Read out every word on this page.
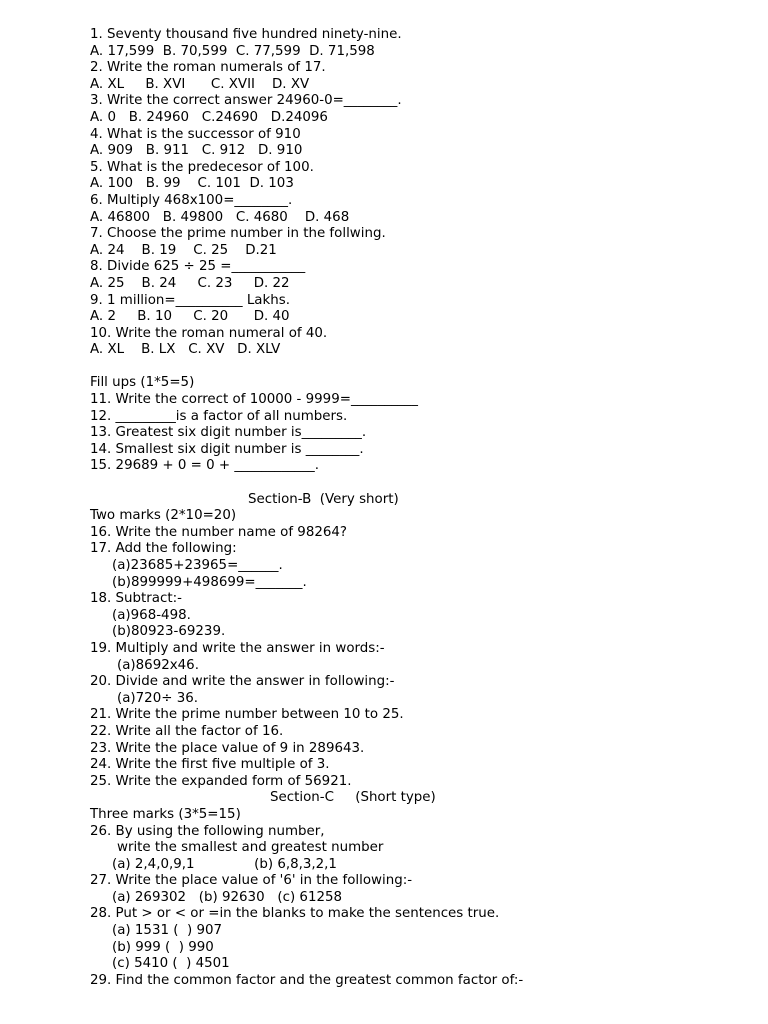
1. Seventy thousand five hundred ninety-nine.
A. 17,599  B. 70,599  C. 77,599  D. 71,598
2. Write the roman numerals of 17.
A. XL     B. XVI      C. XVII    D. XV
3. Write the correct answer 24960-0=________.
A. 0   B. 24960   C.24690   D.24096
4. What is the successor of 910
A. 909   B. 911   C. 912   D. 910
5. What is the predecesor of 100.
A. 100   B. 99    C. 101  D. 103
6. Multiply 468x100=________.
A. 46800   B. 49800   C. 4680    D. 468
7. Choose the prime number in the follwing.
A. 24    B. 19    C. 25    D.21
8. Divide 625 ÷ 25 =___________
A. 25    B. 24     C. 23     D. 22
9. 1 million=__________ Lakhs.
A. 2     B. 10     C. 20      D. 40
10. Write the roman numeral of 40.
A. XL    B. LX   C. XV   D. XLV
Fill ups (1*5=5)
11. Write the correct of 10000 - 9999=__________
12. _________is a factor of all numbers.
13. Greatest six digit number is_________.
14. Smallest six digit number is ________.
15. 29689 + 0 = 0 + ____________.
Section-B  (Very short)
Two marks (2*10=20)
16. Write the number name of 98264?
17. Add the following:
(a)23685+23965=______.
(b)899999+498699=_______.
18. Subtract:-
(a)968-498.
(b)80923-69239.
19. Multiply and write the answer in words:-
(a)8692x46.
20. Divide and write the answer in following:-
(a)720÷ 36.
21. Write the prime number between 10 to 25.
22. Write all the factor of 16.
23. Write the place value of 9 in 289643.
24. Write the first five multiple of 3.
25. Write the expanded form of 56921.
Section-C     (Short type)
Three marks (3*5=15)
26. By using the following number,
write the smallest and greatest number
(a) 2,4,0,9,1              (b) 6,8,3,2,1
27. Write the place value of '6' in the following:-
(a) 269302   (b) 92630   (c) 61258
28. Put > or < or =in the blanks to make the sentences true.
(a) 1531 (  ) 907
(b) 999 (  ) 990
(c) 5410 (  ) 4501
29. Find the common factor and the greatest common factor of:-
